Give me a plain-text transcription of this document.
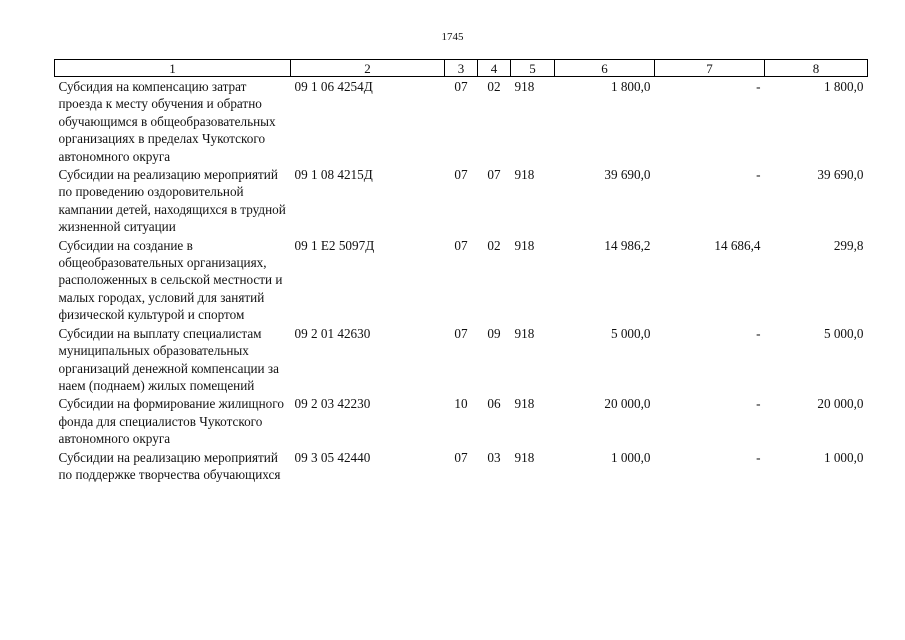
1745
1	2	3	4	5	6	7	8
Субсидия на компенсацию затрат проезда к месту обучения и обратно обучающимся в общеобразовательных организациях в пределах Чукотского автономного округа	09 1 06 4254Д	07	02	918	1 800,0	-	1 800,0
Субсидии на реализацию мероприятий по проведению оздоровительной кампании детей, находящихся в трудной жизненной ситуации	09 1 08 4215Д	07	07	918	39 690,0	-	39 690,0
Субсидии на создание в общеобразовательных организациях, расположенных в сельской местности и малых городах, условий для занятий физической культурой и спортом	09 1 Е2 5097Д	07	02	918	14 986,2	14 686,4	299,8
Субсидии на выплату специалистам муниципальных образовательных организаций денежной компенсации за наем (поднаем) жилых помещений	09 2 01 42630	07	09	918	5 000,0	-	5 000,0
Субсидии на формирование жилищного фонда для специалистов Чукотского автономного округа	09 2 03 42230	10	06	918	20 000,0	-	20 000,0
Субсидии на реализацию мероприятий по поддержке творчества обучающихся	09 3 05 42440	07	03	918	1 000,0	-	1 000,0
